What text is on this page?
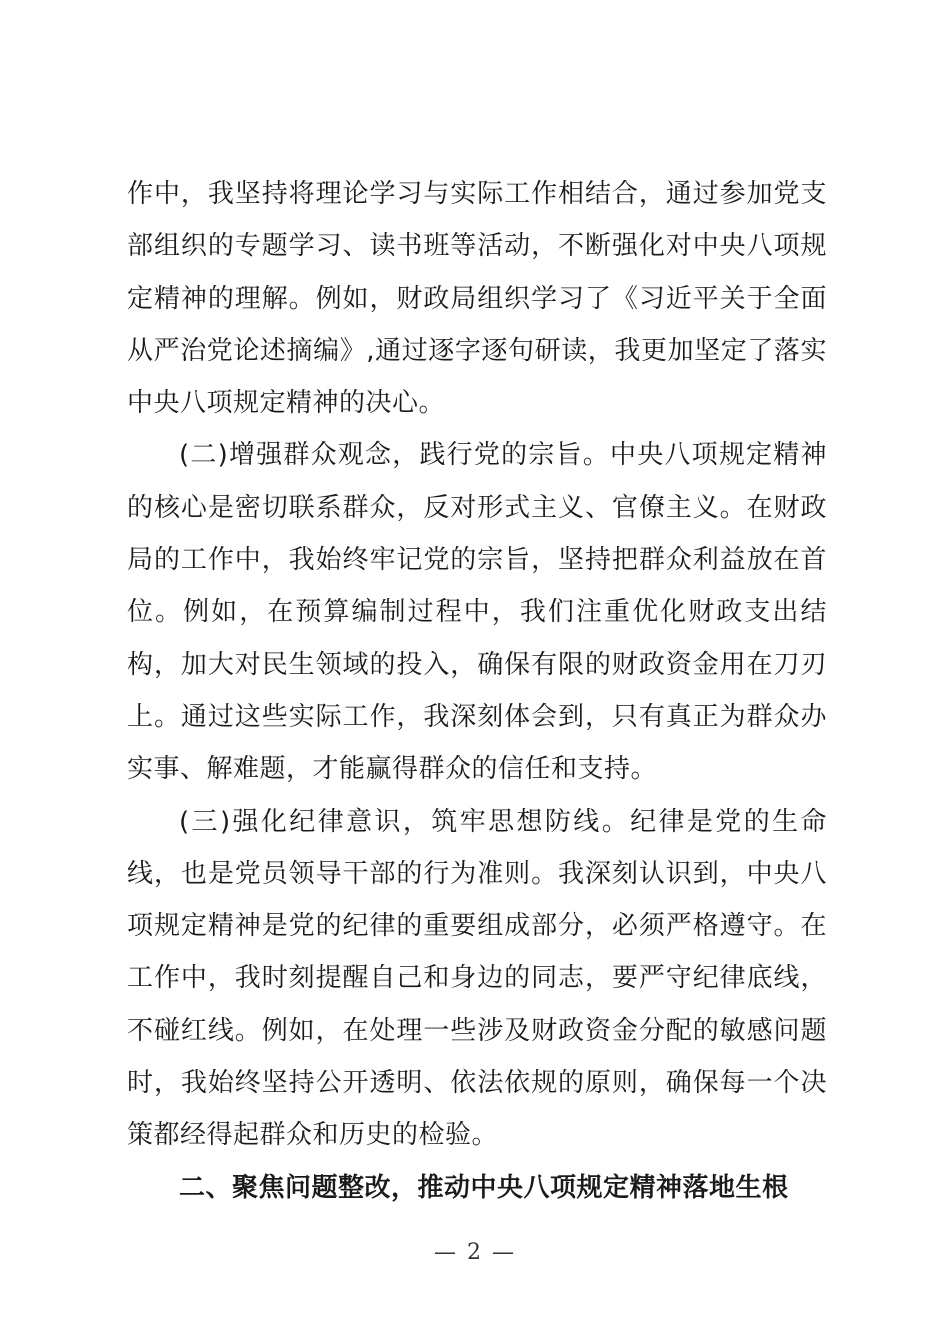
作中，我坚持将理论学习与实际工作相结合，通过参加党支部组织的专题学习、读书班等活动，不断强化对中央八项规定精神的理解。例如，财政局组织学习了《习近平关于全面从严治党论述摘编》,通过逐字逐句研读，我更加坚定了落实中央八项规定精神的决心。

(二)增强群众观念，践行党的宗旨。中央八项规定精神的核心是密切联系群众，反对形式主义、官僚主义。在财政局的工作中，我始终牢记党的宗旨，坚持把群众利益放在首位。例如，在预算编制过程中，我们注重优化财政支出结构，加大对民生领域的投入，确保有限的财政资金用在刀刃上。通过这些实际工作，我深刻体会到，只有真正为群众办实事、解难题，才能赢得群众的信任和支持。

(三)强化纪律意识，筑牢思想防线。纪律是党的生命线，也是党员领导干部的行为准则。我深刻认识到，中央八项规定精神是党的纪律的重要组成部分，必须严格遵守。在工作中，我时刻提醒自己和身边的同志，要严守纪律底线，不碰红线。例如，在处理一些涉及财政资金分配的敏感问题时，我始终坚持公开透明、依法依规的原则，确保每一个决策都经得起群众和历史的检验。

二、聚焦问题整改，推动中央八项规定精神落地生根

— 2 —
